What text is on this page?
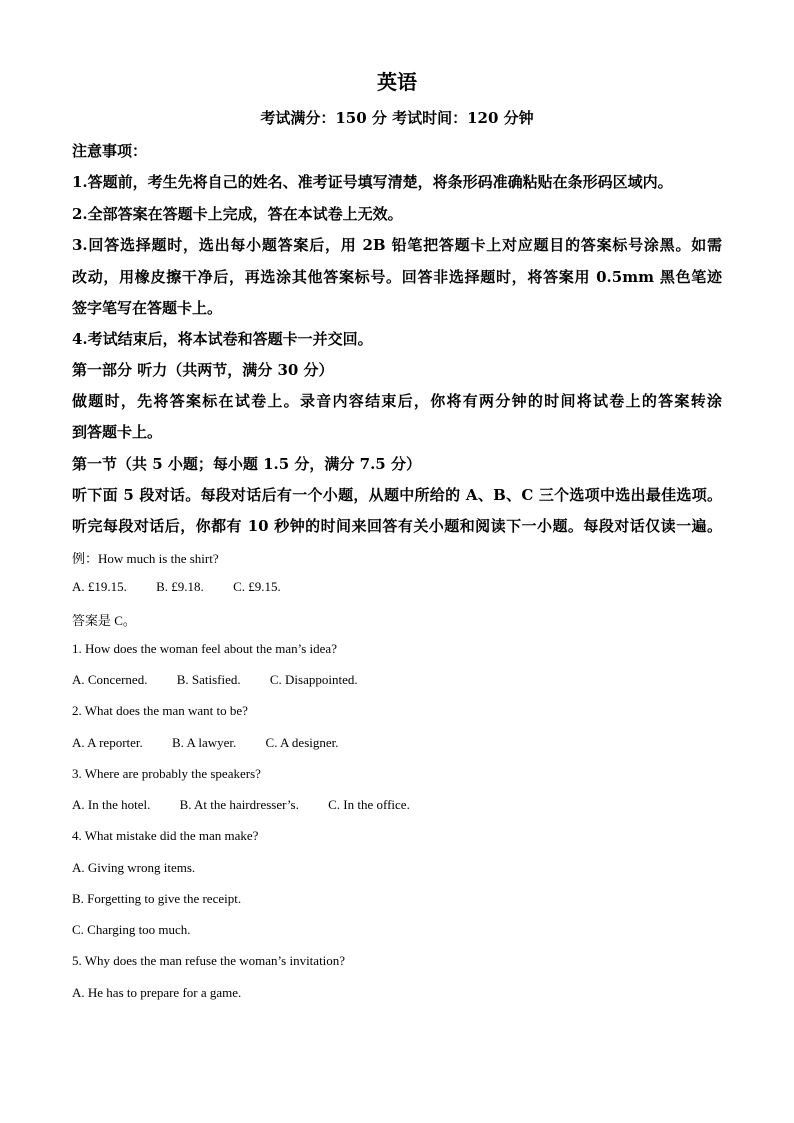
英语
考试满分：150 分 考试时间：120 分钟
注意事项：
1.答题前，考生先将自己的姓名、准考证号填写清楚，将条形码准确粘贴在条形码区域内。
2.全部答案在答题卡上完成，答在本试卷上无效。
3.回答选择题时，选出每小题答案后，用 2B 铅笔把答题卡上对应题目的答案标号涂黑。如需
改动，用橡皮擦干净后，再选涂其他答案标号。回答非选择题时，将答案用 0.5mm 黑色笔迹
签字笔写在答题卡上。
4.考试结束后，将本试卷和答题卡一并交回。
第一部分 听力（共两节，满分 30 分）
做题时，先将答案标在试卷上。录音内容结束后，你将有两分钟的时间将试卷上的答案转涂
到答题卡上。
第一节（共 5 小题；每小题 1.5 分，满分 7.5 分）
听下面 5 段对话。每段对话后有一个小题，从题中所给的 A、B、C 三个选项中选出最佳选项。
听完每段对话后，你都有 10 秒钟的时间来回答有关小题和阅读下一小题。每段对话仅读一遍。
例：How much is the shirt?
A. £19.15. B. £9.18. C. £9.15.
答案是 C。
1. How does the woman feel about the man’s idea?
A. Concerned. B. Satisfied. C. Disappointed.
2. What does the man want to be?
A. A reporter. B. A lawyer. C. A designer.
3. Where are probably the speakers?
A. In the hotel. B. At the hairdresser’s. C. In the office.
4. What mistake did the man make?
A. Giving wrong items.
B. Forgetting to give the receipt.
C. Charging too much.
5. Why does the man refuse the woman’s invitation?
A. He has to prepare for a game.
